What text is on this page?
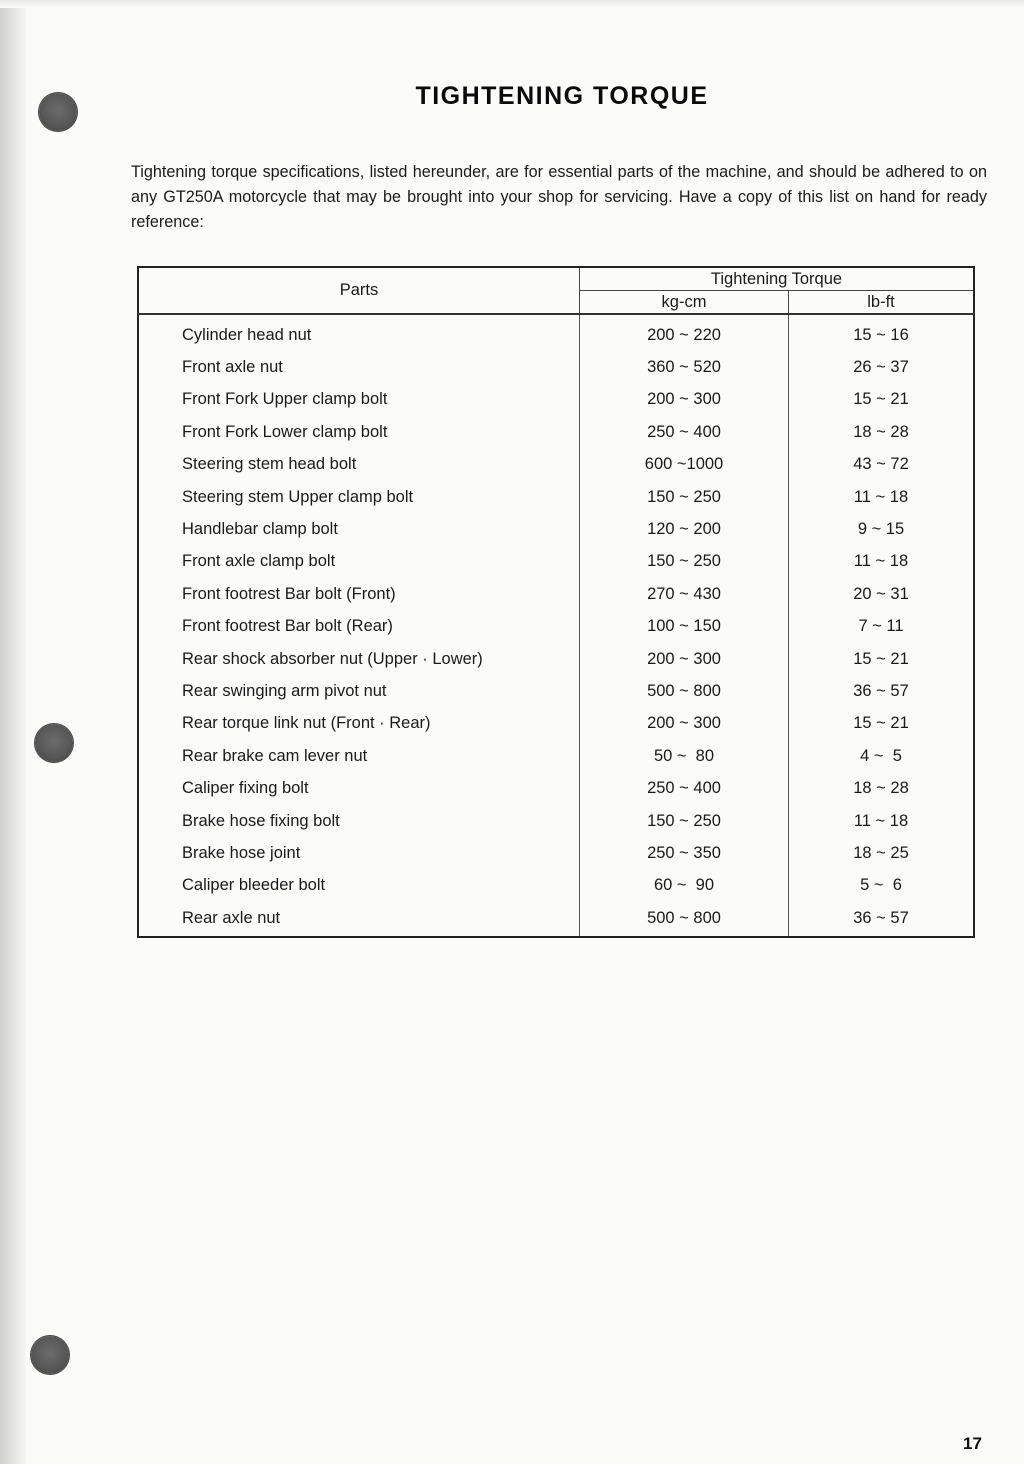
TIGHTENING TORQUE

Tightening torque specifications, listed hereunder, are for essential parts of the machine, and should be adhered to on any GT250A motorcycle that may be brought into your shop for servicing. Have a copy of this list on hand for ready reference:

Parts	Tightening Torque	
	kg-cm	lb-ft
Cylinder head nut	200 ~ 220	15 ~ 16
Front axle nut	360 ~ 520	26 ~ 37
Front Fork Upper clamp bolt	200 ~ 300	15 ~ 21
Front Fork Lower clamp bolt	250 ~ 400	18 ~ 28
Steering stem head bolt	600 ~1000	43 ~ 72
Steering stem Upper clamp bolt	150 ~ 250	11 ~ 18
Handlebar clamp bolt	120 ~ 200	9 ~ 15
Front axle clamp bolt	150 ~ 250	11 ~ 18
Front footrest Bar bolt (Front)	270 ~ 430	20 ~ 31
Front footrest Bar bolt (Rear)	100 ~ 150	7 ~ 11
Rear shock absorber nut (Upper · Lower)	200 ~ 300	15 ~ 21
Rear swinging arm pivot nut	500 ~ 800	36 ~ 57
Rear torque link nut (Front · Rear)	200 ~ 300	15 ~ 21
Rear brake cam lever nut	50 ~  80	4 ~  5
Caliper fixing bolt	250 ~ 400	18 ~ 28
Brake hose fixing bolt	150 ~ 250	11 ~ 18
Brake hose joint	250 ~ 350	18 ~ 25
Caliper bleeder bolt	60 ~  90	5 ~  6
Rear axle nut	500 ~ 800	36 ~ 57
17
